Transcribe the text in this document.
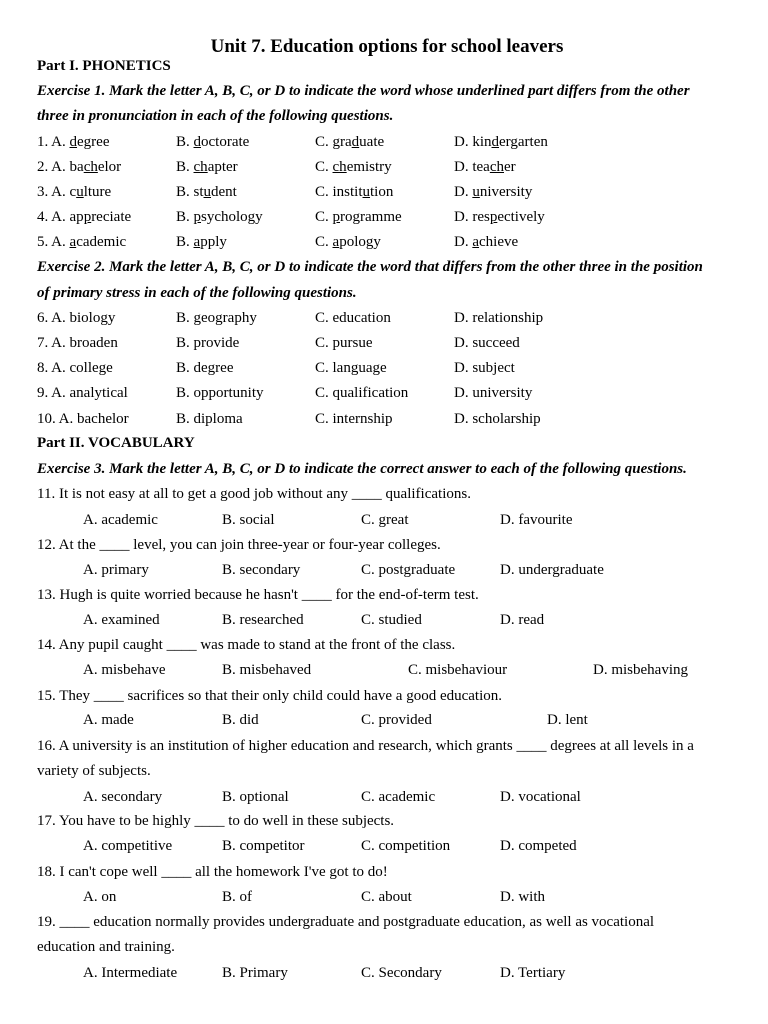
Unit 7. Education options for school leavers
Part I. PHONETICS
Exercise 1. Mark the letter A, B, C, or D to indicate the word whose underlined part differs from the other
three in pronunciation in each of the following questions.
1. A. degree	B. doctorate	C. graduate	D. kindergarten
2. A. bachelor	B. chapter	C. chemistry	D. teacher
3. A. culture	B. student	C. institution	D. university
4. A. appreciate	B. psychology	C. programme	D. respectively
5. A. academic	B. apply	C. apology	D. achieve
Exercise 2. Mark the letter A, B, C, or D to indicate the word that differs from the other three in the position
of primary stress in each of the following questions.
6. A. biology	B. geography	C. education	D. relationship
7. A. broaden	B. provide	C. pursue	D. succeed
8. A. college	B. degree	C. language	D. subject
9. A. analytical	B. opportunity	C. qualification	D. university
10. A. bachelor	B. diploma	C. internship	D. scholarship
Part II. VOCABULARY
Exercise 3. Mark the letter A, B, C, or D to indicate the correct answer to each of the following questions.
11. It is not easy at all to get a good job without any ____ qualifications.
A. academic	B. social	C. great	D. favourite
12. At the ____ level, you can join three-year or four-year colleges.
A. primary	B. secondary	C. postgraduate	D. undergraduate
13. Hugh is quite worried because he hasn't ____ for the end-of-term test.
A. examined	B. researched	C. studied	D. read
14. Any pupil caught ____ was made to stand at the front of the class.
A. misbehave	B. misbehaved	C. misbehaviour	D. misbehaving
15. They ____ sacrifices so that their only child could have a good education.
A. made	B. did	C. provided	D. lent
16. A university is an institution of higher education and research, which grants ____ degrees at all levels in a
variety of subjects.
A. secondary	B. optional	C. academic	D. vocational
17. You have to be highly ____ to do well in these subjects.
A. competitive	B. competitor	C. competition	D. competed
18. I can't cope well ____ all the homework I've got to do!
A. on	B. of	C. about	D. with
19. ____ education normally provides undergraduate and postgraduate education, as well as vocational
education and training.
A. Intermediate	B. Primary	C. Secondary	D. Tertiary
